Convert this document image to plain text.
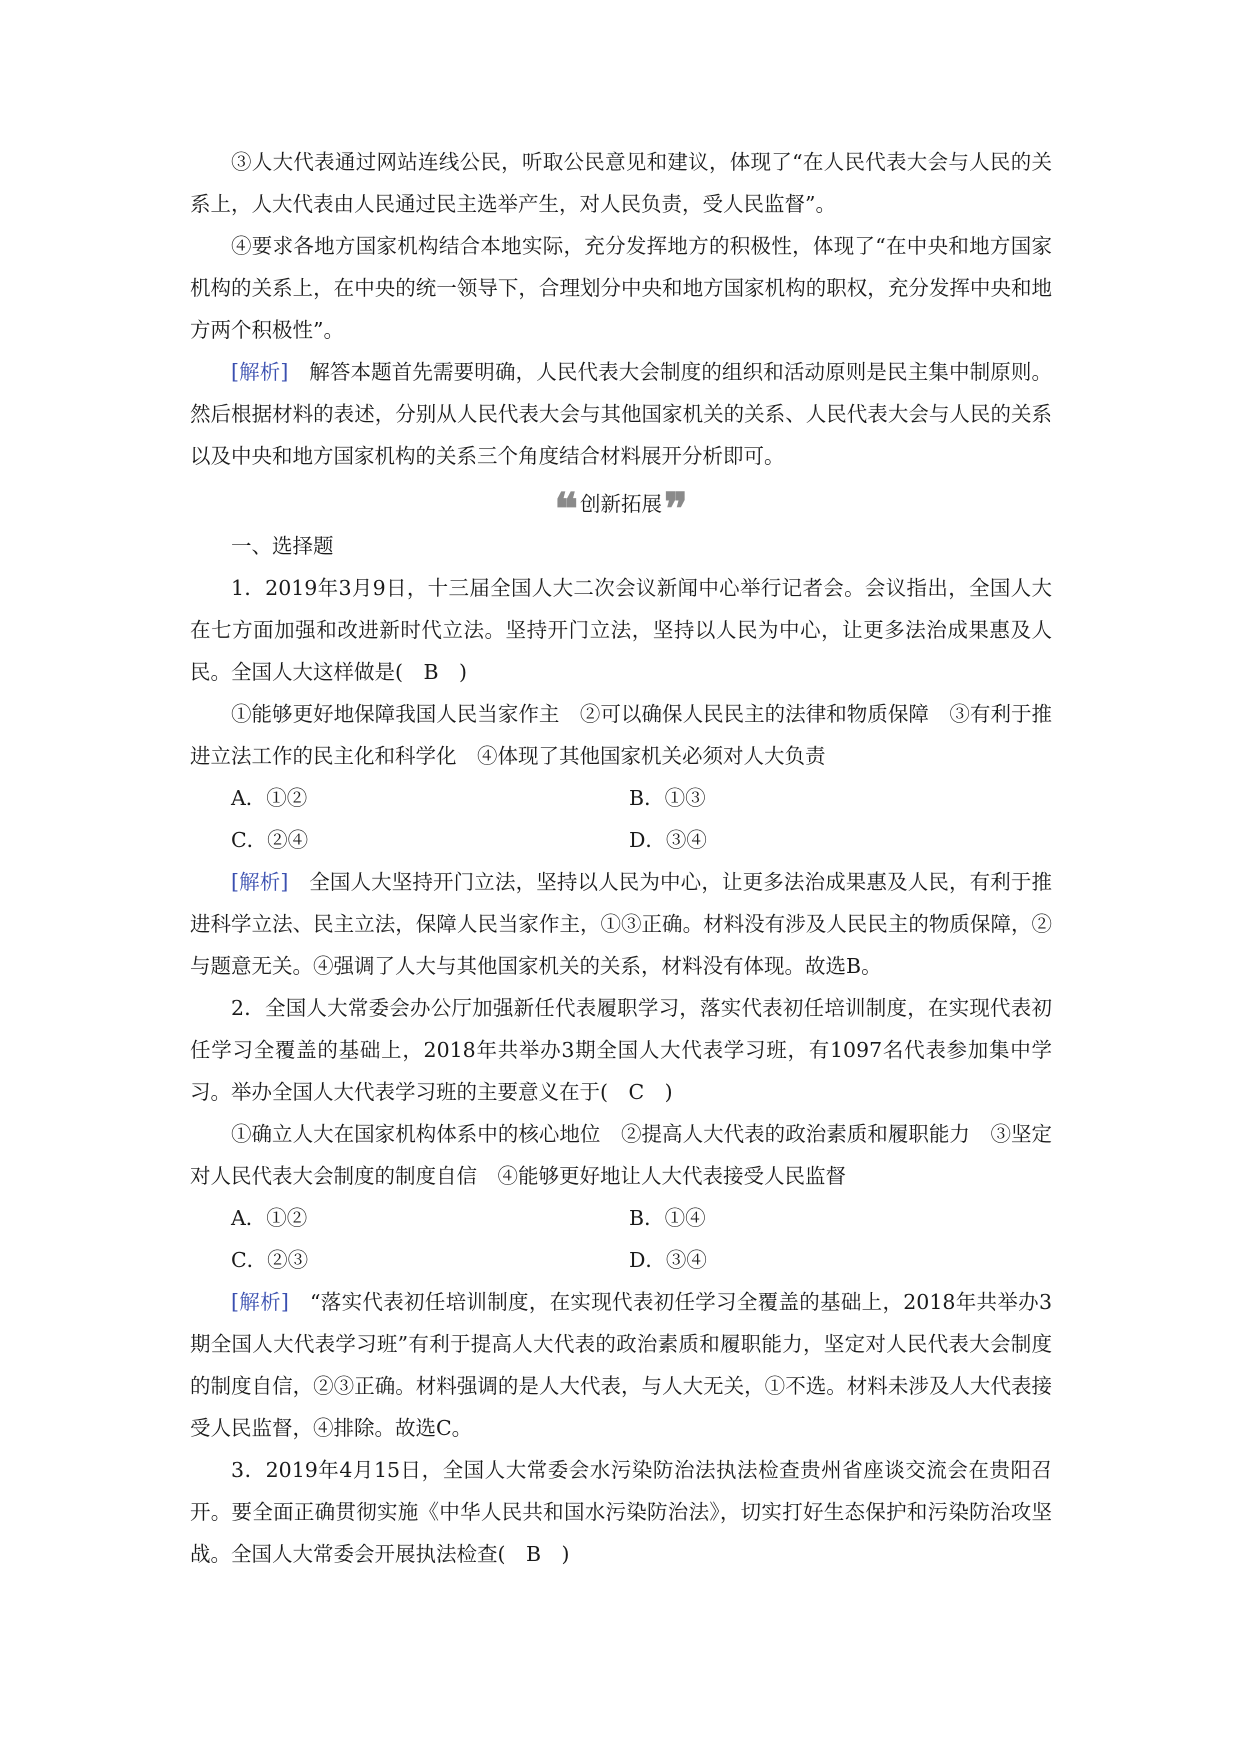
③人大代表通过网站连线公民，听取公民意见和建议，体现了“在人民代表大会与人民的关系上，人大代表由人民通过民主选举产生，对人民负责，受人民监督”。

④要求各地方国家机构结合本地实际，充分发挥地方的积极性，体现了“在中央和地方国家机构的关系上，在中央的统一领导下，合理划分中央和地方国家机构的职权，充分发挥中央和地方两个积极性”。

[解析]　 解答本题首先需要明确，人民代表大会制度的组织和活动原则是民主集中制原则。然后根据材料的表述，分别从人民代表大会与其他国家机关的关系、人民代表大会与人民的关系以及中央和地方国家机构的关系三个角度结合材料展开分析即可。

❝ 创新拓展 ❞

一、选择题

1．2019年3月9日，十三届全国人大二次会议新闻中心举行记者会。会议指出，全国人大在七方面加强和改进新时代立法。坚持开门立法，坚持以人民为中心，让更多法治成果惠及人民。全国人大这样做是(　B　)

①能够更好地保障我国人民当家作主　②可以确保人民民主的法律和物质保障　③有利于推进立法工作的民主化和科学化　④体现了其他国家机关必须对人大负责

A．①②	B．①③
C．②④	D．③④

[解析]　 全国人大坚持开门立法，坚持以人民为中心，让更多法治成果惠及人民，有利于推进科学立法、民主立法，保障人民当家作主，①③正确。材料没有涉及人民民主的物质保障，②与题意无关。④强调了人大与其他国家机关的关系，材料没有体现。故选B。

2．全国人大常委会办公厅加强新任代表履职学习，落实代表初任培训制度，在实现代表初任学习全覆盖的基础上，2018年共举办3期全国人大代表学习班，有1097名代表参加集中学习。举办全国人大代表学习班的主要意义在于(　C　)

①确立人大在国家机构体系中的核心地位　②提高人大代表的政治素质和履职能力　③坚定对人民代表大会制度的制度自信　④能够更好地让人大代表接受人民监督

A．①②	B．①④
C．②③	D．③④

[解析]　 “落实代表初任培训制度，在实现代表初任学习全覆盖的基础上，2018年共举办3期全国人大代表学习班”有利于提高人大代表的政治素质和履职能力，坚定对人民代表大会制度的制度自信，②③正确。材料强调的是人大代表，与人大无关，①不选。材料未涉及人大代表接受人民监督，④排除。故选C。

3．2019年4月15日，全国人大常委会水污染防治法执法检查贵州省座谈交流会在贵阳召开。要全面正确贯彻实施《中华人民共和国水污染防治法》，切实打好生态保护和污染防治攻坚战。全国人大常委会开展执法检查(　B　)
